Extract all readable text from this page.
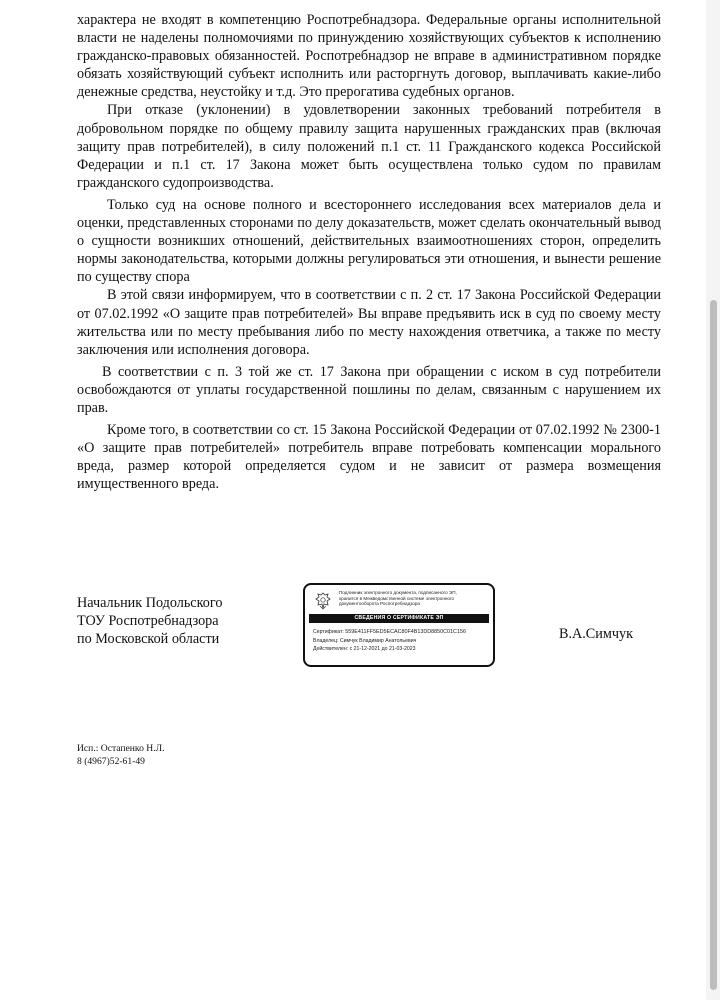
характера не входят в компетенцию Роспотребнадзора. Федеральные органы исполнительной власти не наделены полномочиями по принуждению хозяйствующих субъектов к исполнению гражданско-правовых обязанностей. Роспотребнадзор не вправе в административном порядке обязать хозяйствующий субъект исполнить или расторгнуть договор, выплачивать какие-либо денежные средства, неустойку и т.д. Это прерогатива судебных органов.

При отказе (уклонении) в удовлетворении законных требований потребителя в добровольном порядке по общему правилу защита нарушенных гражданских прав (включая защиту прав потребителей), в силу положений п.1 ст. 11 Гражданского кодекса Российской Федерации и п.1 ст. 17 Закона может быть осуществлена только судом по правилам гражданского судопроизводства.

Только суд на основе полного и всестороннего исследования всех материалов дела и оценки, представленных сторонами по делу доказательств, может сделать окончательный вывод о сущности возникших отношений, действительных взаимоотношениях сторон, определить нормы законодательства, которыми должны регулироваться эти отношения, и вынести решение по существу спора

В этой связи информируем, что в соответствии с п. 2 ст. 17 Закона Российской Федерации от 07.02.1992 «О защите прав потребителей» Вы вправе предъявить иск в суд по своему месту жительства или по месту пребывания либо по месту нахождения ответчика, а также по месту заключения или исполнения договора.

В соответствии с п. 3 той же ст. 17 Закона при обращении с иском в суд потребители освобождаются от уплаты государственной пошлины по делам, связанным с нарушением их прав.

Кроме того, в соответствии со ст. 15 Закона Российской Федерации от 07.02.1992 № 2300-1 «О защите прав потребителей» потребитель вправе потребовать компенсации морального вреда, размер которой определяется судом и не зависит от размера возмещения имущественного вреда.

Начальник Подольского
ТОУ Роспотребнадзора
по Московской области
Подлинник электронного документа, подписанного ЭП,
хранится в Межведомственной системе электронного
документооборота Роспотребнадзора
СВЕДЕНИЯ О СЕРТИФИКАТЕ ЭП
Сертификат: 559E411FF5ED5ECAC80F4B13DD8850C01C156
Владелец: Симчук Владимир Анатольевич
Действителен: с 21-12-2021 до 21-03-2023
В.А.Симчук
Исп.: Остапенко Н.Л.
8 (4967)52-61-49
